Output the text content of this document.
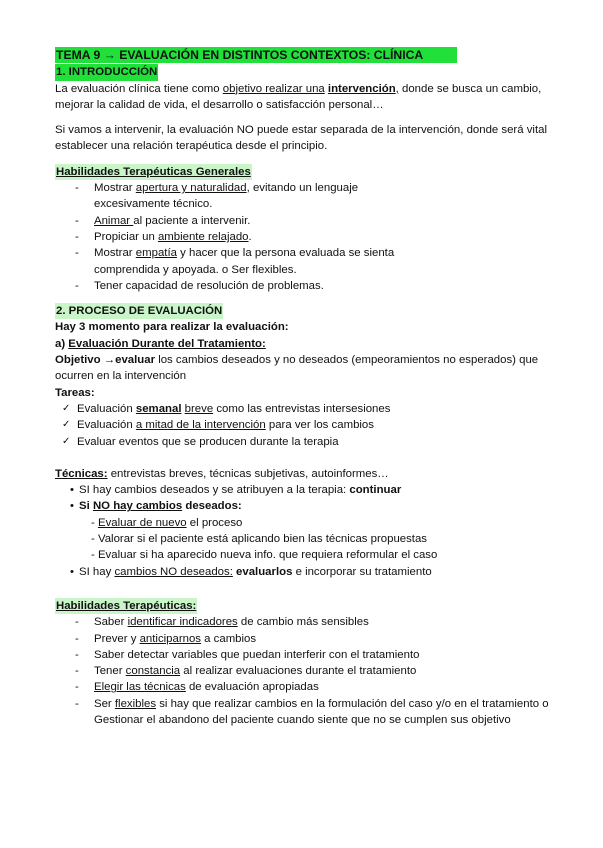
TEMA 9 → EVALUACIÓN EN DISTINTOS CONTEXTOS: CLÍNICA
1. INTRODUCCIÓN

La evaluación clínica tiene como objetivo realizar una intervención, donde se busca un cambio, mejorar la calidad de vida, el desarrollo o satisfacción personal…

Si vamos a intervenir, la evaluación NO puede estar separada de la intervención, donde será vital establecer una relación terapéutica desde el principio.

Habilidades Terapéuticas Generales
- Mostrar apertura y naturalidad, evitando un lenguaje excesivamente técnico.
- Animar al paciente a intervenir.
- Propiciar un ambiente relajado.
- Mostrar empatía y hacer que la persona evaluada se sienta comprendida y apoyada. o Ser flexibles.
- Tener capacidad de resolución de problemas.
2. PROCESO DE EVALUACIÓN

Hay 3 momento para realizar la evaluación:

a) Evaluación Durante del Tratamiento:

Objetivo →evaluar los cambios deseados y no deseados (empeoramientos no esperados) que ocurren en la intervención

Tareas:

✓ Evaluación semanal breve como las entrevistas intersesiones
✓ Evaluación a mitad de la intervención para ver los cambios
✓ Evaluar eventos que se producen durante la terapia

Técnicas: entrevistas breves, técnicas subjetivas, autoinformes…

• SI hay cambios deseados y se atribuyen a la terapia: continuar
• Si NO hay cambios deseados:
- Evaluar de nuevo el proceso
- Valorar si el paciente está aplicando bien las técnicas propuestas
- Evaluar si ha aparecido nueva info. que requiera reformular el caso
• SI hay cambios NO deseados: evaluarlos e incorporar su tratamiento
Habilidades Terapéuticas:
- Saber identificar indicadores de cambio más sensibles
- Prever y anticiparnos a cambios
- Saber detectar variables que puedan interferir con el tratamiento
- Tener constancia al realizar evaluaciones durante el tratamiento
- Elegir las técnicas de evaluación apropiadas
- Ser flexibles si hay que realizar cambios en la formulación del caso y/o en el tratamiento o Gestionar el abandono del paciente cuando siente que no se cumplen sus objetivo
